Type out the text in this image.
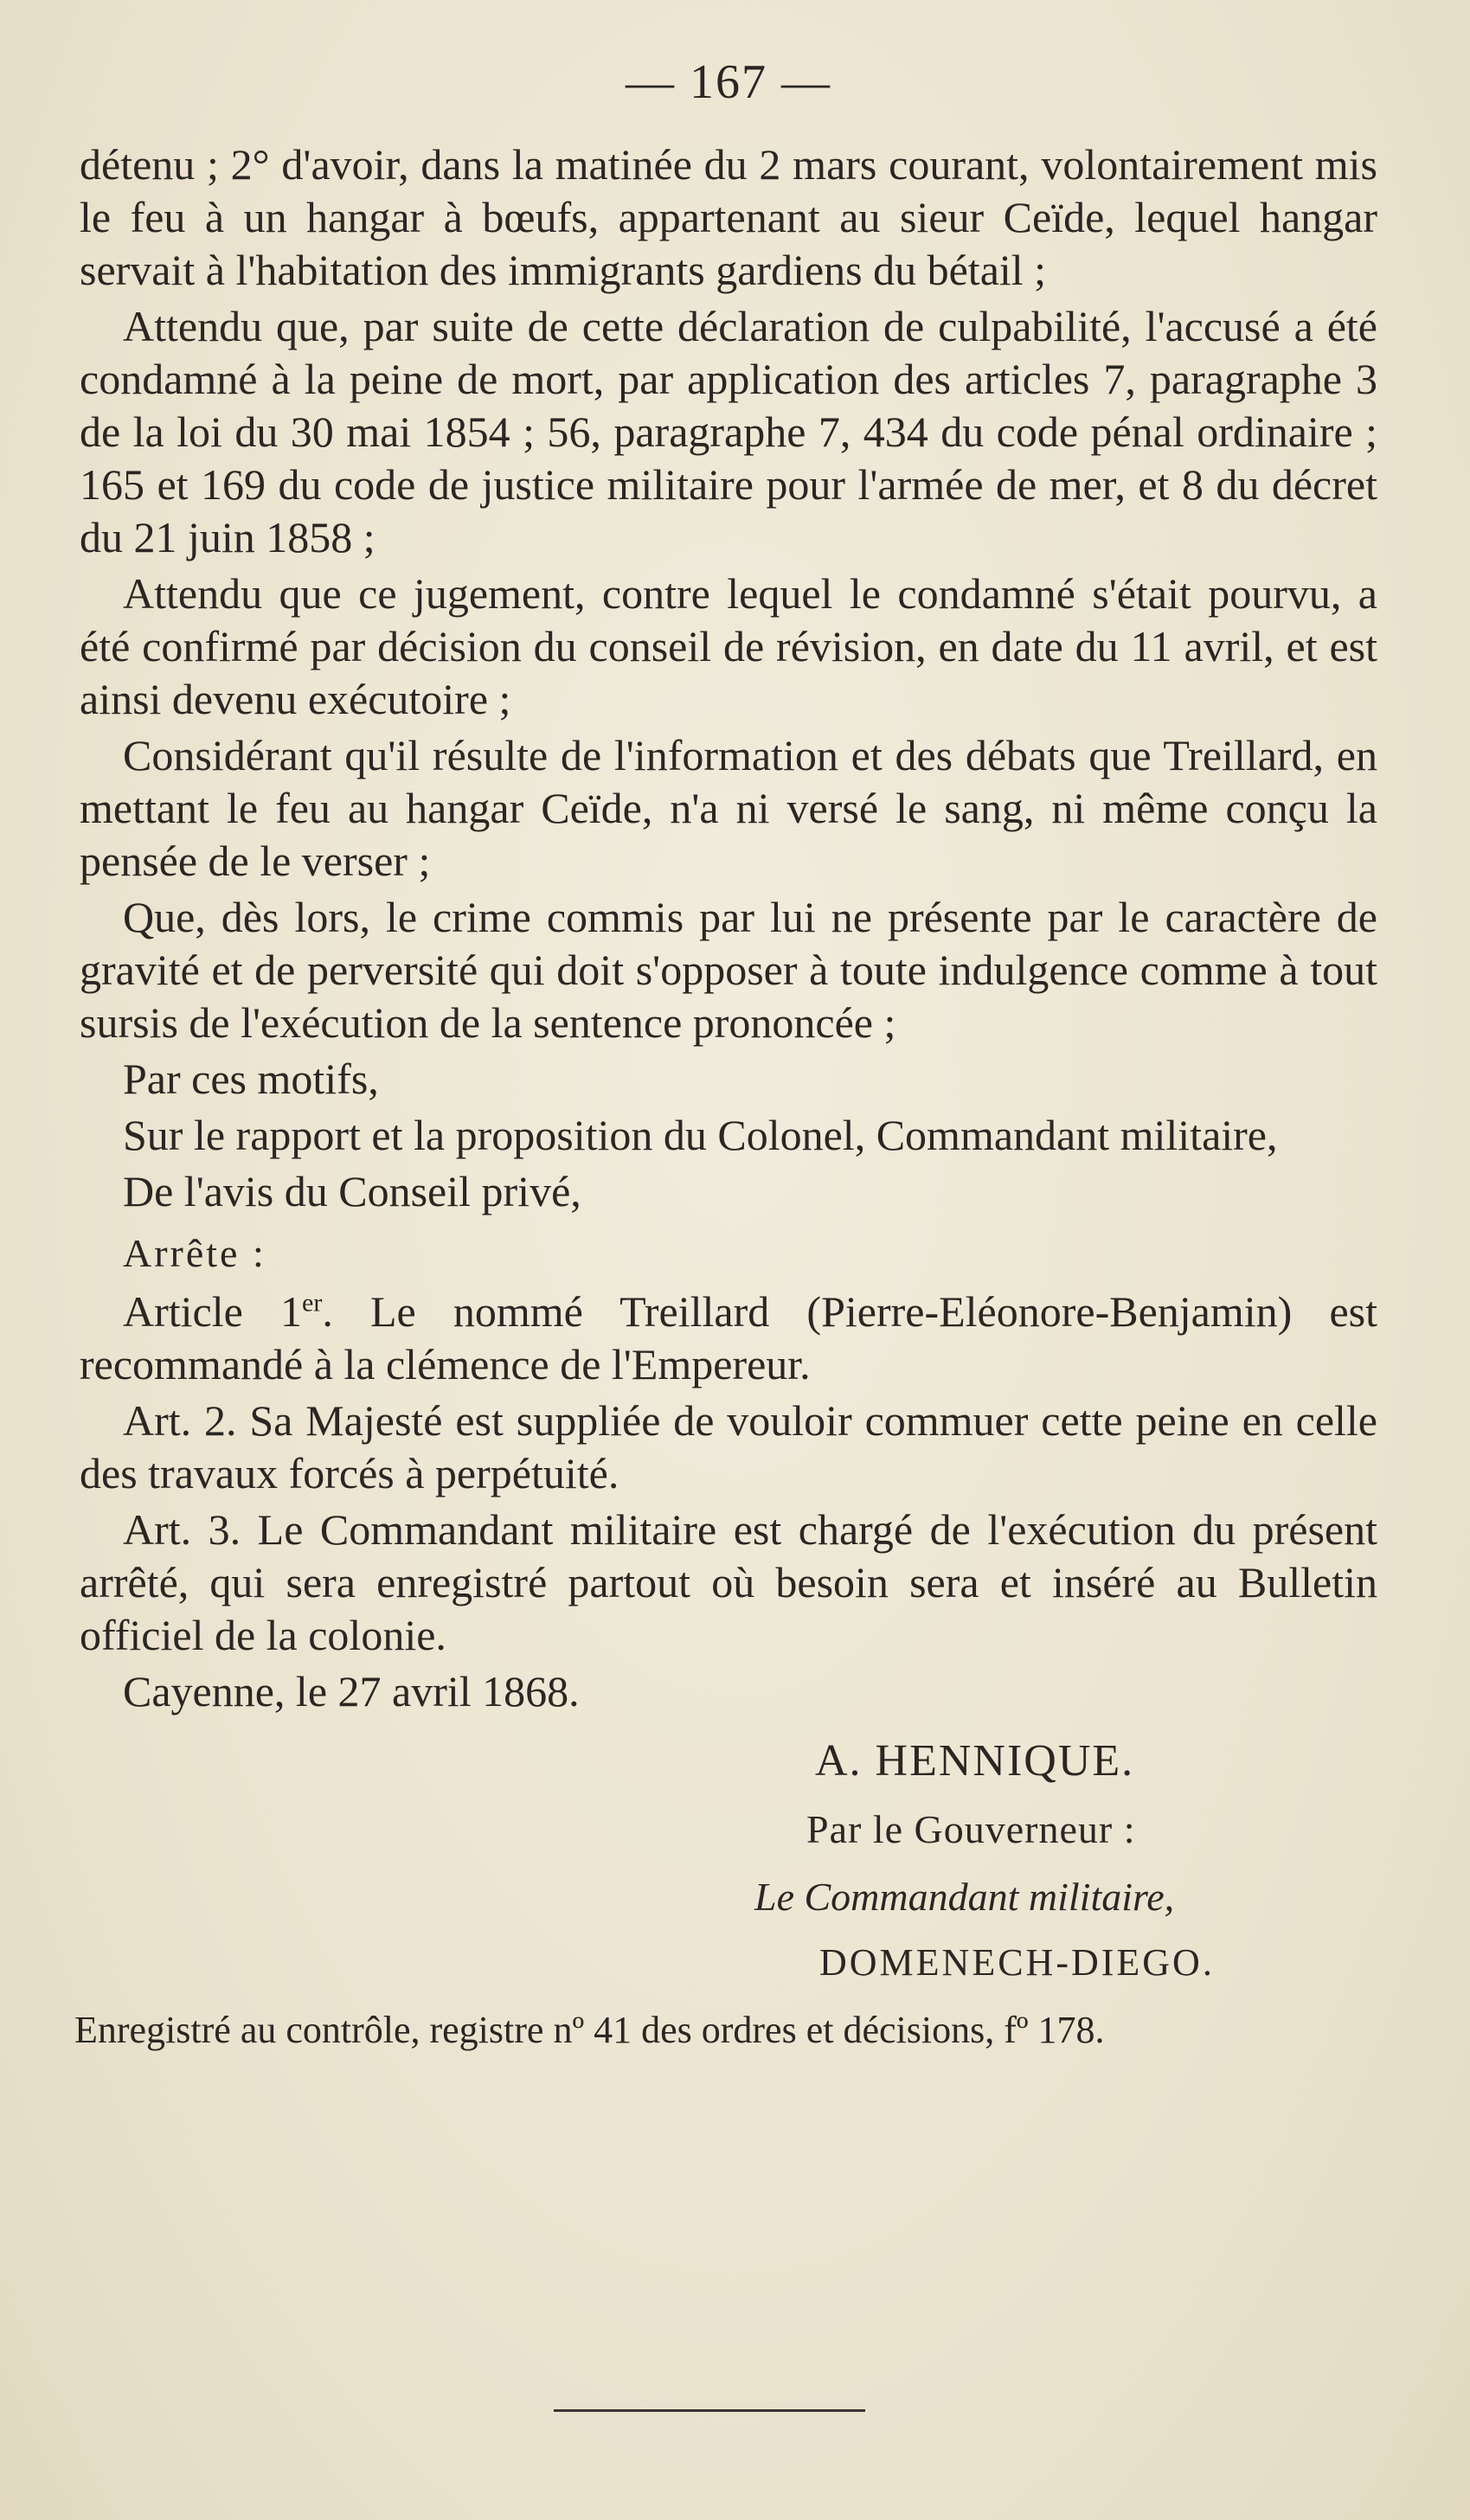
— 167 —

détenu ; 2° d'avoir, dans la matinée du 2 mars courant, volontairement mis le feu à un hangar à bœufs, appartenant au sieur Ceïde, lequel hangar servait à l'habitation des immigrants gardiens du bétail ;

Attendu que, par suite de cette déclaration de culpabilité, l'accusé a été condamné à la peine de mort, par application des articles 7, paragraphe 3 de la loi du 30 mai 1854 ; 56, paragraphe 7, 434 du code pénal ordinaire ; 165 et 169 du code de justice militaire pour l'armée de mer, et 8 du décret du 21 juin 1858 ;

Attendu que ce jugement, contre lequel le condamné s'était pourvu, a été confirmé par décision du conseil de révision, en date du 11 avril, et est ainsi devenu exécutoire ;

Considérant qu'il résulte de l'information et des débats que Treillard, en mettant le feu au hangar Ceïde, n'a ni versé le sang, ni même conçu la pensée de le verser ;

Que, dès lors, le crime commis par lui ne présente par le caractère de gravité et de perversité qui doit s'opposer à toute indulgence comme à tout sursis de l'exécution de la sentence prononcée ;

Par ces motifs,

Sur le rapport et la proposition du Colonel, Commandant militaire,

De l'avis du Conseil privé,

Arrête :

Article 1er. Le nommé Treillard (Pierre-Eléonore-Benjamin) est recommandé à la clémence de l'Empereur.

Art. 2. Sa Majesté est suppliée de vouloir commuer cette peine en celle des travaux forcés à perpétuité.

Art. 3. Le Commandant militaire est chargé de l'exécution du présent arrêté, qui sera enregistré partout où besoin sera et inséré au Bulletin officiel de la colonie.

Cayenne, le 27 avril 1868.

A. HENNIQUE.
Par le Gouverneur :
Le Commandant militaire,
DOMENECH-DIEGO.
Enregistré au contrôle, registre nº 41 des ordres et décisions, fº 178.
